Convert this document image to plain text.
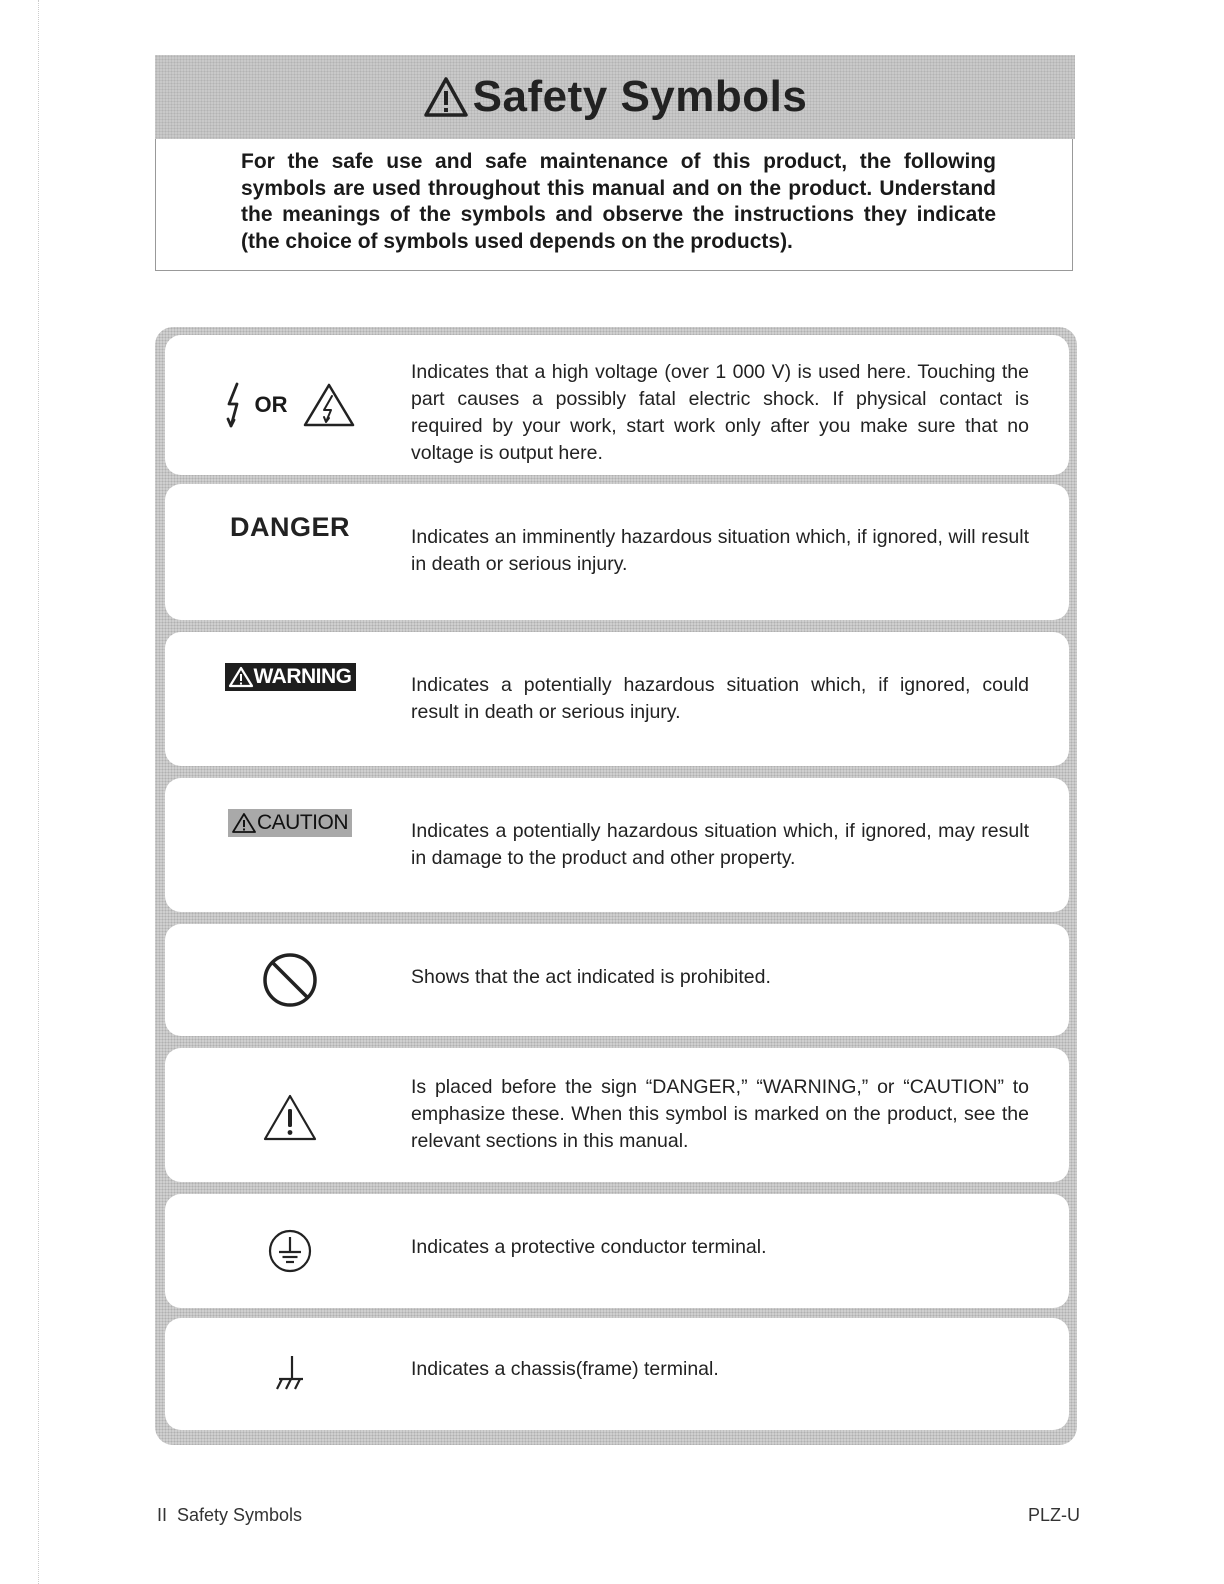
Safety Symbols
For the safe use and safe maintenance of this product, the following symbols are used throughout this manual and on the product. Understand the meanings of the symbols and observe the instructions they indicate (the choice of symbols used depends on the products).
OR
Indicates that a high voltage (over 1 000 V) is used here. Touching the part causes a possibly fatal electric shock. If physical contact is required by your work, start work only after you make sure that no voltage is output here.
DANGER	Indicates an imminently hazardous situation which, if ignored, will result in death or serious injury.
WARNING	Indicates a potentially hazardous situation which, if ignored, could result in death or serious injury.
CAUTION	Indicates a potentially hazardous situation which, if ignored, may result in damage to the product and other property.
Shows that the act indicated is prohibited.
Is placed before the sign “DANGER,” “WARNING,” or “CAUTION” to emphasize these. When this symbol is marked on the product, see the relevant sections in this manual.
Indicates a protective conductor terminal.
Indicates a chassis(frame) terminal.
II  Safety Symbols	PLZ-U
